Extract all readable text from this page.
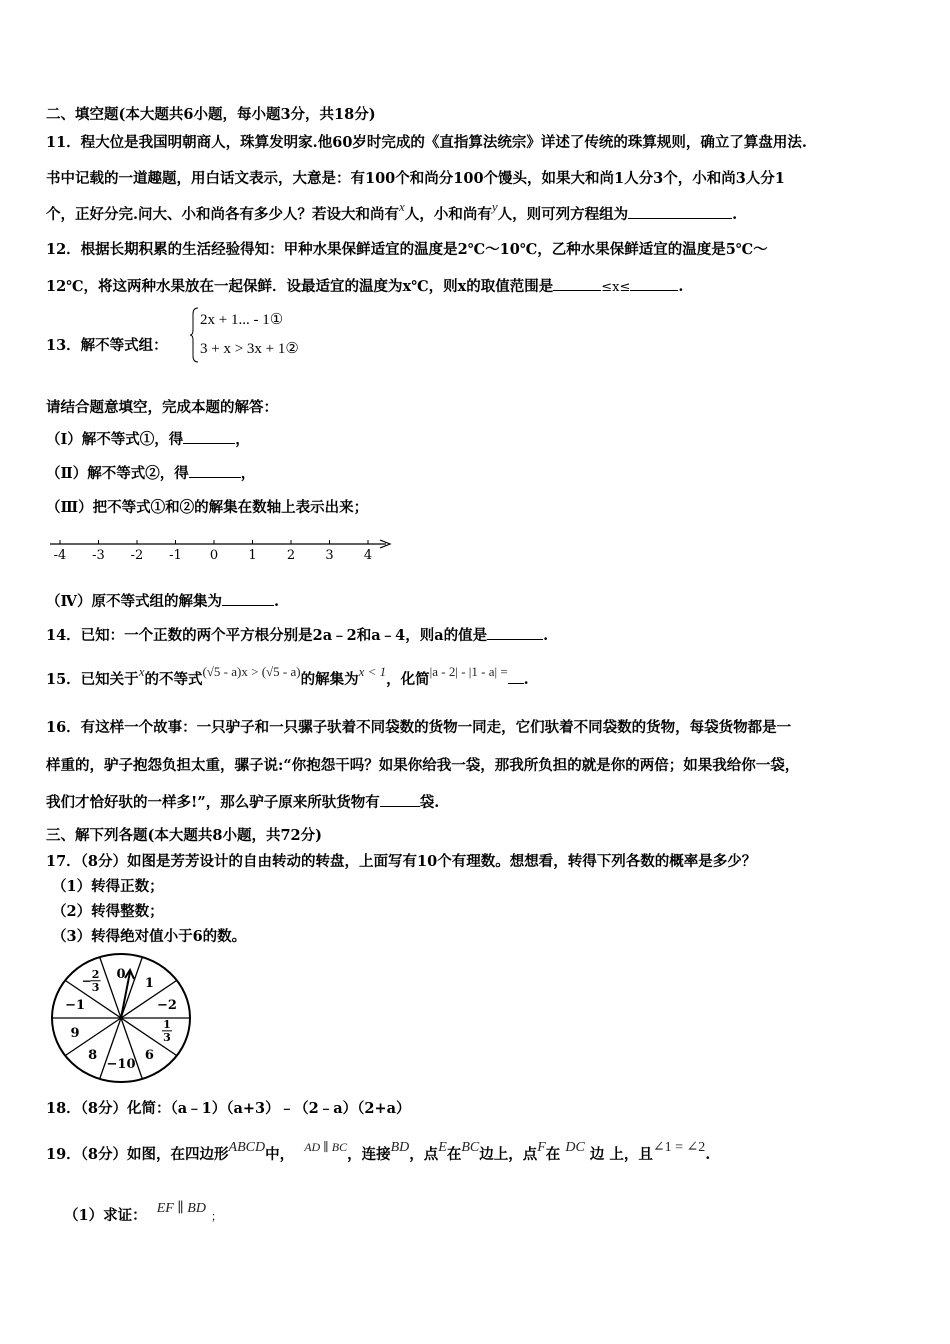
二、填空题(本大题共6小题，每小题3分，共18分)
11．程大位是我国明朝商人，珠算发明家.他60岁时完成的《直指算法统宗》详述了传统的珠算规则，确立了算盘用法.
书中记载的一道趣题，用白话文表示，大意是：有100个和尚分100个馒头，如果大和尚1人分3个，小和尚3人分1
个，正好分完.问大、小和尚各有多少人？若设大和尚有x人，小和尚有y人，则可列方程组为	.
12．根据长期积累的生活经验得知：甲种水果保鲜适宜的温度是2℃～10℃，乙种水果保鲜适宜的温度是5℃～
12℃，将这两种水果放在一起保鲜．设最适宜的温度为x℃，则x的取值范围是	≤x≤	.
13．解不等式组：
2x + 1... - 1①
3 + x > 3x + 1②
请结合题意填空，完成本题的解答：
（Ⅰ）解不等式①，得	，
（Ⅱ）解不等式②，得	，
（Ⅲ）把不等式①和②的解集在数轴上表示出来；
-4 -3 -2 -1 0 1 2 3 4
（Ⅳ）原不等式组的解集为	.
14．已知：一个正数的两个平方根分别是2a﹣2和a﹣4，则a的值是	.
15．已知关于x的不等式(√5 - a)x > (√5 - a)的解集为x < 1，化简|a - 2| - |1 - a| = .
16．有这样一个故事：一只驴子和一只骡子驮着不同袋数的货物一同走，它们驮着不同袋数的货物，每袋货物都是一
样重的，驴子抱怨负担太重，骡子说:“你抱怨干吗？如果你给我一袋，那我所负担的就是你的两倍；如果我给你一袋，
我们才恰好驮的一样多!”，那么驴子原来所驮货物有	袋.
三、解下列各题(本大题共8小题，共72分)
17．（8分）如图是芳芳设计的自由转动的转盘，上面写有10个有理数。想想看，转得下列各数的概率是多少？
（1）转得正数；
（2）转得整数；
（3）转得绝对值小于6的数。
0
1
−2
1
3
6
−10
8
9
−1
− 2
3
18．（8分）化简：（a﹣1）（a+3）﹣（2﹣a）（2+a）
19．（8分）如图，在四边形ABCD中， $^{AD \parallel BC}$，连接BD，点E在BC边上，点F在 DC 边 上，且∠1 = ∠2.
（1）求证： EF ∥ BD ；
